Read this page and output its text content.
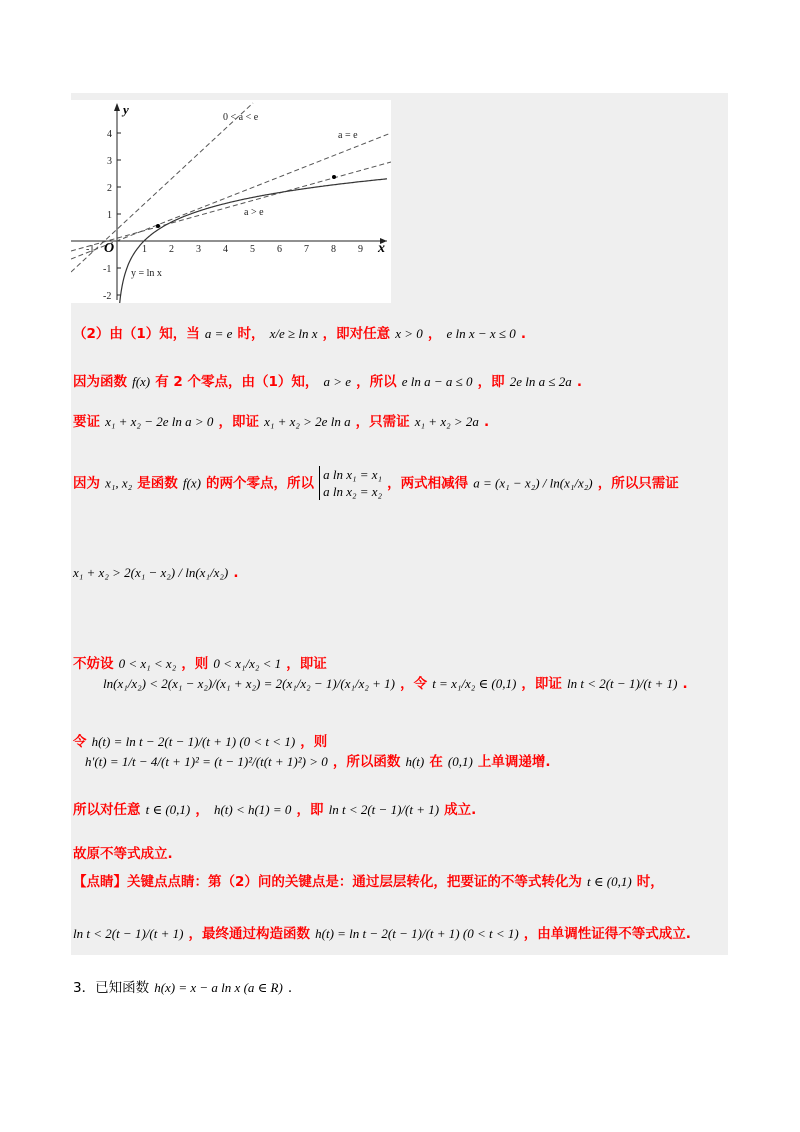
4
3
2
1
-1
-2
-1	1 2 3 4 5 6 7 8 9
y
x
O
0 < a < e
a = e
a > e
y = ln x
（2）由（1）知，当 a = e 时， x/e ≥ ln x ，即对任意 x > 0 ， e ln x − x ≤ 0 .
因为函数 f(x) 有 2 个零点，由（1）知， a > e ，所以 e ln a − a ≤ 0 ，即 2e ln a ≤ 2a .
要证 x₁ + x₂ − 2e ln a > 0 ，即证 x₁ + x₂ > 2e ln a ，只需证 x₁ + x₂ > 2a .
因为 x₁, x₂ 是函数 f(x) 的两个零点，所以
a ln x₁ = x₁
a ln x₂ = x₂ ，两式相减得 a = (x₁ − x₂) / ln(x₁/x₂) ，所以只需证
x₁ + x₂ > 2(x₁ − x₂) / ln(x₁/x₂) .
不妨设 0 < x₁ < x₂ ，则 0 < x₁/x₂ < 1 ，即证
ln(x₁/x₂) < 2(x₁ − x₂)/(x₁ + x₂) = 2(x₁/x₂ − 1)/(x₁/x₂ + 1) ，令 t = x₁/x₂ ∈ (0,1) ，即证 ln t < 2(t − 1)/(t + 1) .
令 h(t) = ln t − 2(t − 1)/(t + 1) (0 < t < 1) ，则
h′(t) = 1/t − 4/(t + 1)² = (t − 1)²/(t(t + 1)²) > 0 ，所以函数 h(t) 在 (0,1) 上单调递增.
所以对任意 t ∈ (0,1) ， h(t) < h(1) = 0 ，即 ln t < 2(t − 1)/(t + 1) 成立.
故原不等式成立.
【点睛】关键点点睛：第（2）问的关键点是：通过层层转化，把要证的不等式转化为 t ∈ (0,1) 时，
ln t < 2(t − 1)/(t + 1) ，最终通过构造函数 h(t) = ln t − 2(t − 1)/(t + 1) (0 < t < 1) ，由单调性证得不等式成立.
3．已知函数 h(x) = x − a ln x (a ∈ R) .
